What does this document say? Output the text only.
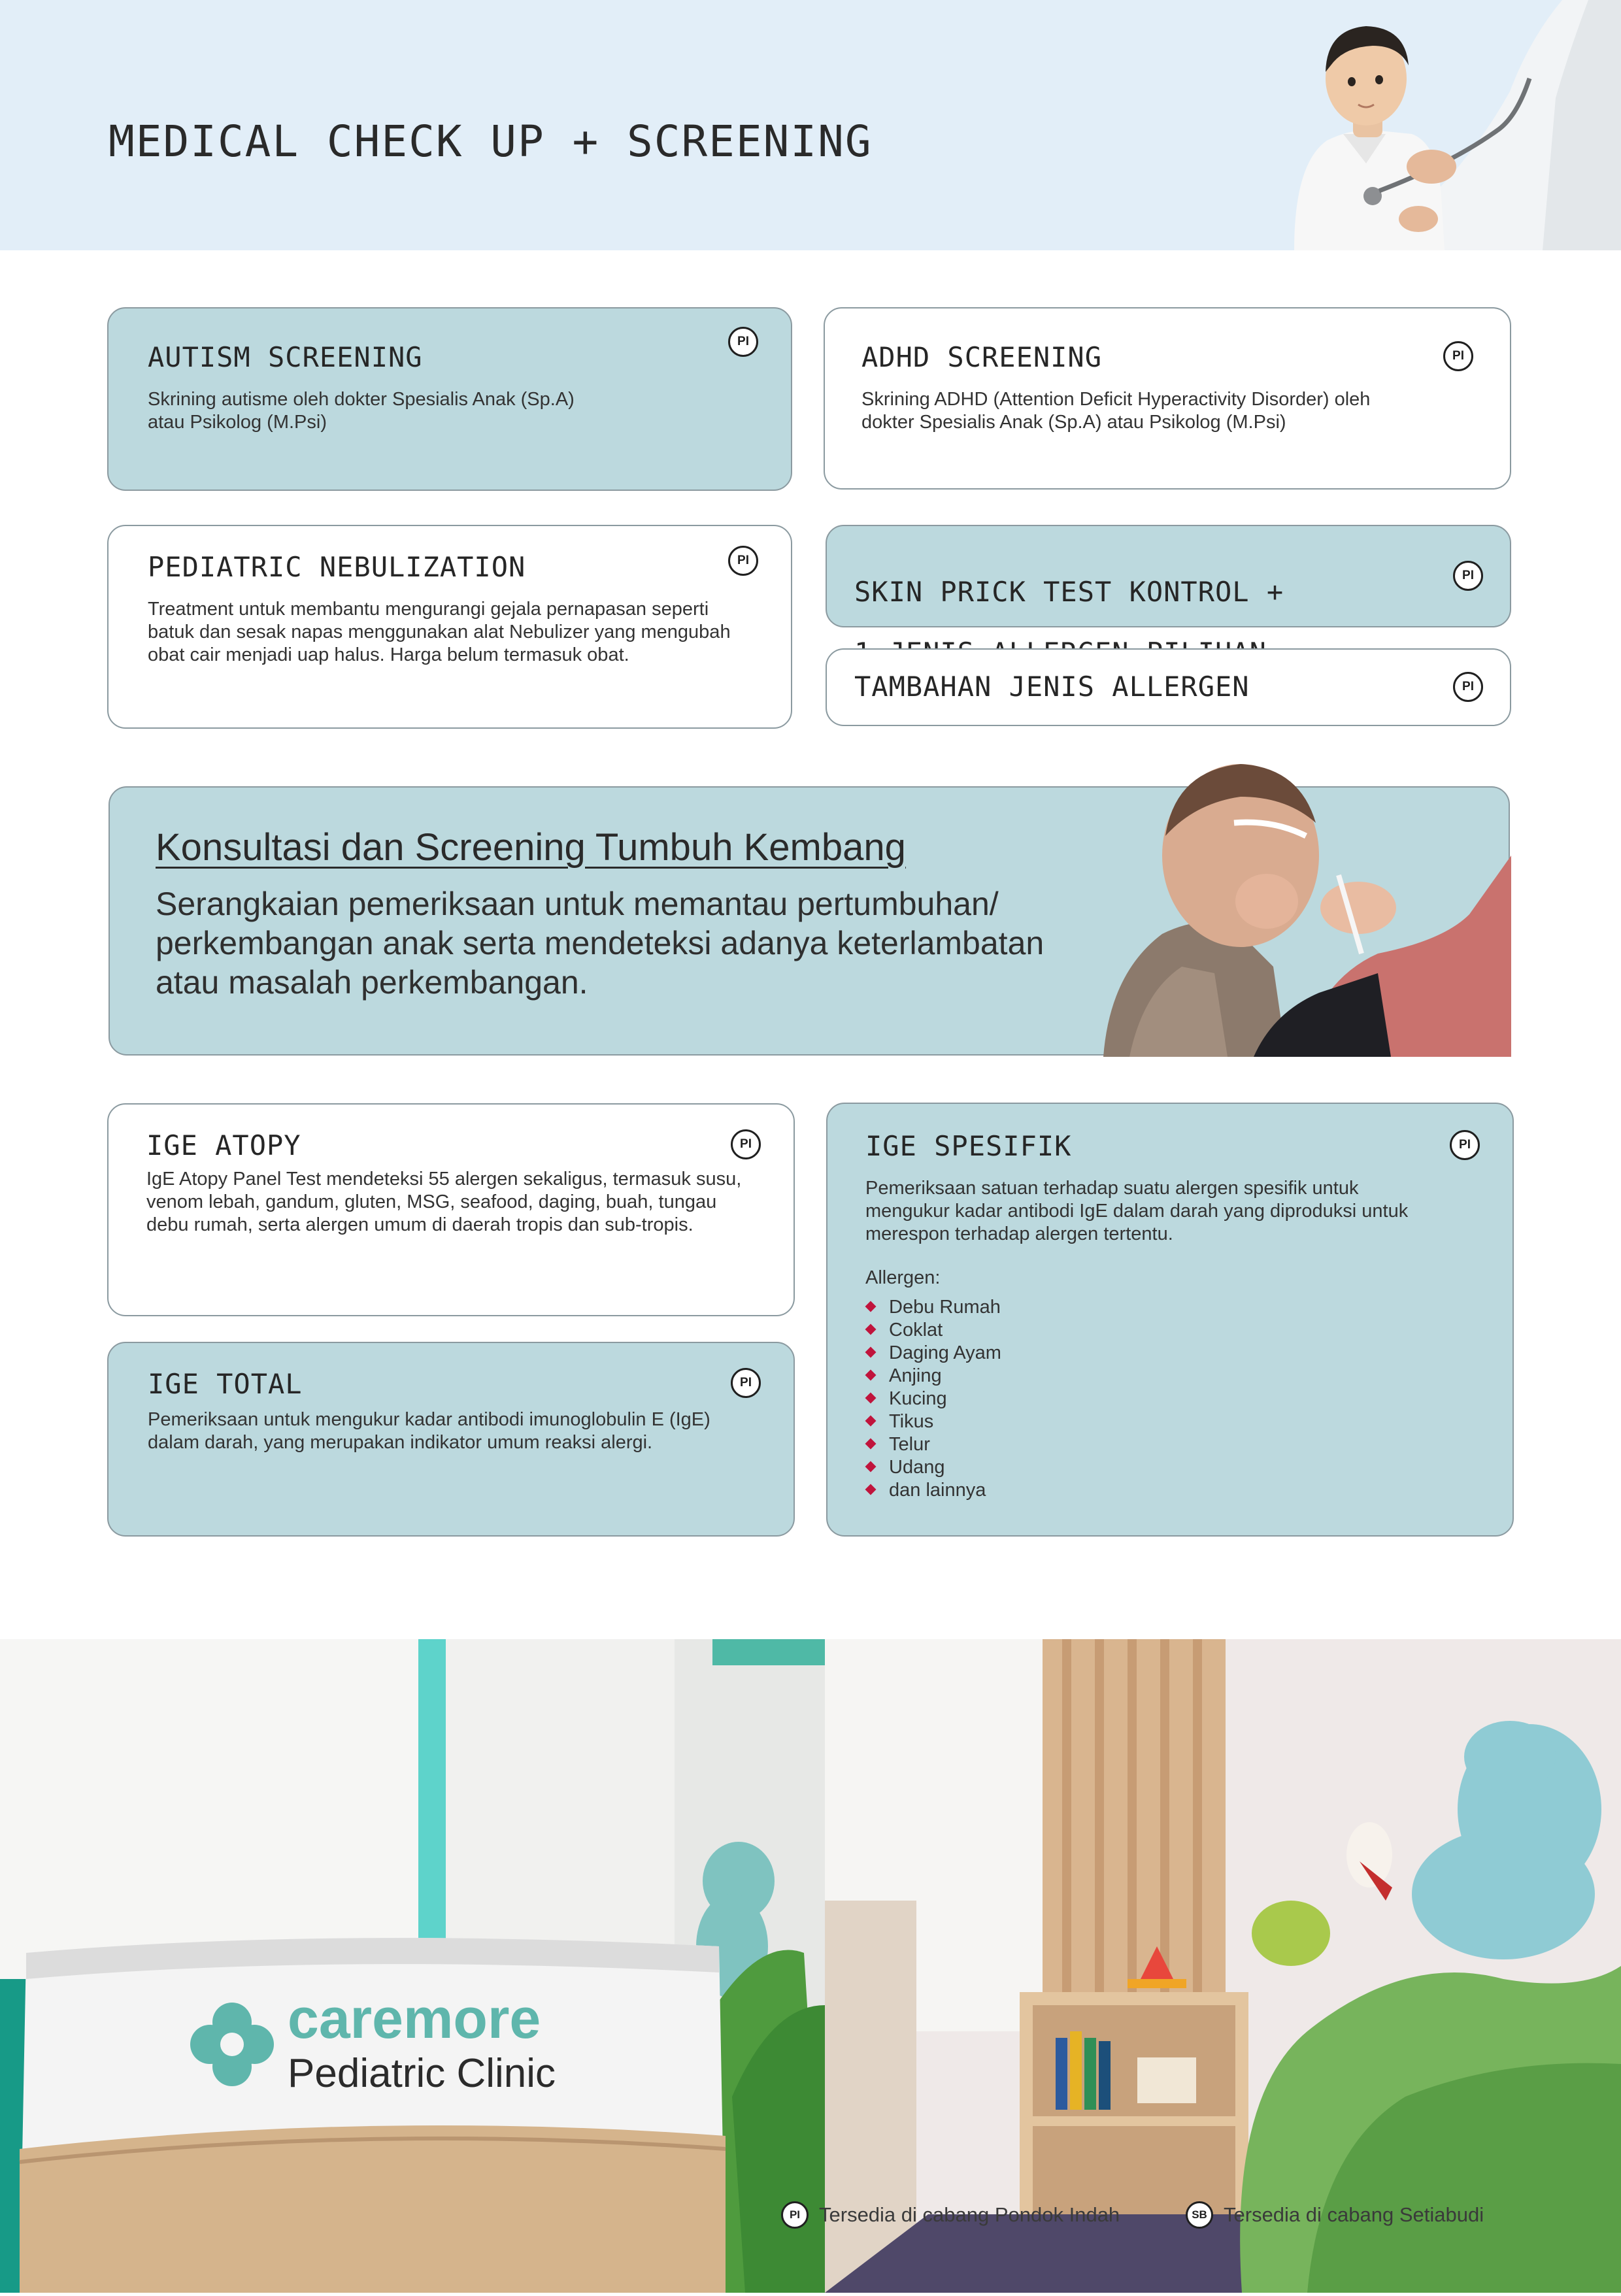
MEDICAL CHECK UP + SCREENING
AUTISM SCREENING
Skrining autisme oleh dokter Spesialis Anak (Sp.A)
atau Psikolog (M.Psi)
PI	ADHD SCREENING
Skrining ADHD (Attention Deficit Hyperactivity Disorder) oleh
dokter Spesialis Anak (Sp.A) atau Psikolog (M.Psi)
PI
PEDIATRIC NEBULIZATION
Treatment untuk membantu mengurangi gejala pernapasan seperti
batuk dan sesak napas menggunakan alat Nebulizer yang mengubah
obat cair menjadi uap halus. Harga belum termasuk obat.
PI

SKIN PRICK TEST KONTROL +

PI
TAMBAHAN JENIS ALLERGEN	PI
Konsultasi dan Screening Tumbuh Kembang
Serangkaian pemeriksaan untuk memantau pertumbuhan/
perkembangan anak serta mendeteksi adanya keterlambatan
atau masalah perkembangan.
IGE ATOPY
IgE Atopy Panel Test mendeteksi 55 alergen sekaligus, termasuk susu,
venom lebah, gandum, gluten, MSG, seafood, daging, buah, tungau
debu rumah, serta alergen umum di daerah tropis dan sub-tropis.
PI
IGE TOTAL
Pemeriksaan untuk mengukur kadar antibodi imunoglobulin E (IgE)
dalam darah, yang merupakan indikator umum reaksi alergi.
PI
IGE SPESIFIK
Pemeriksaan satuan terhadap suatu alergen spesifik untuk
mengukur kadar antibodi IgE dalam darah yang diproduksi untuk
merespon terhadap alergen tertentu.
Allergen:
Debu Rumah
Coklat
Daging Ayam
Anjing
Kucing
Tikus
Telur
Udang
dan lainnya
PI
caremore
Pediatric Clinic
PI Tersedia di cabang Pondok Indah	SB Tersedia di cabang Setiabudi
